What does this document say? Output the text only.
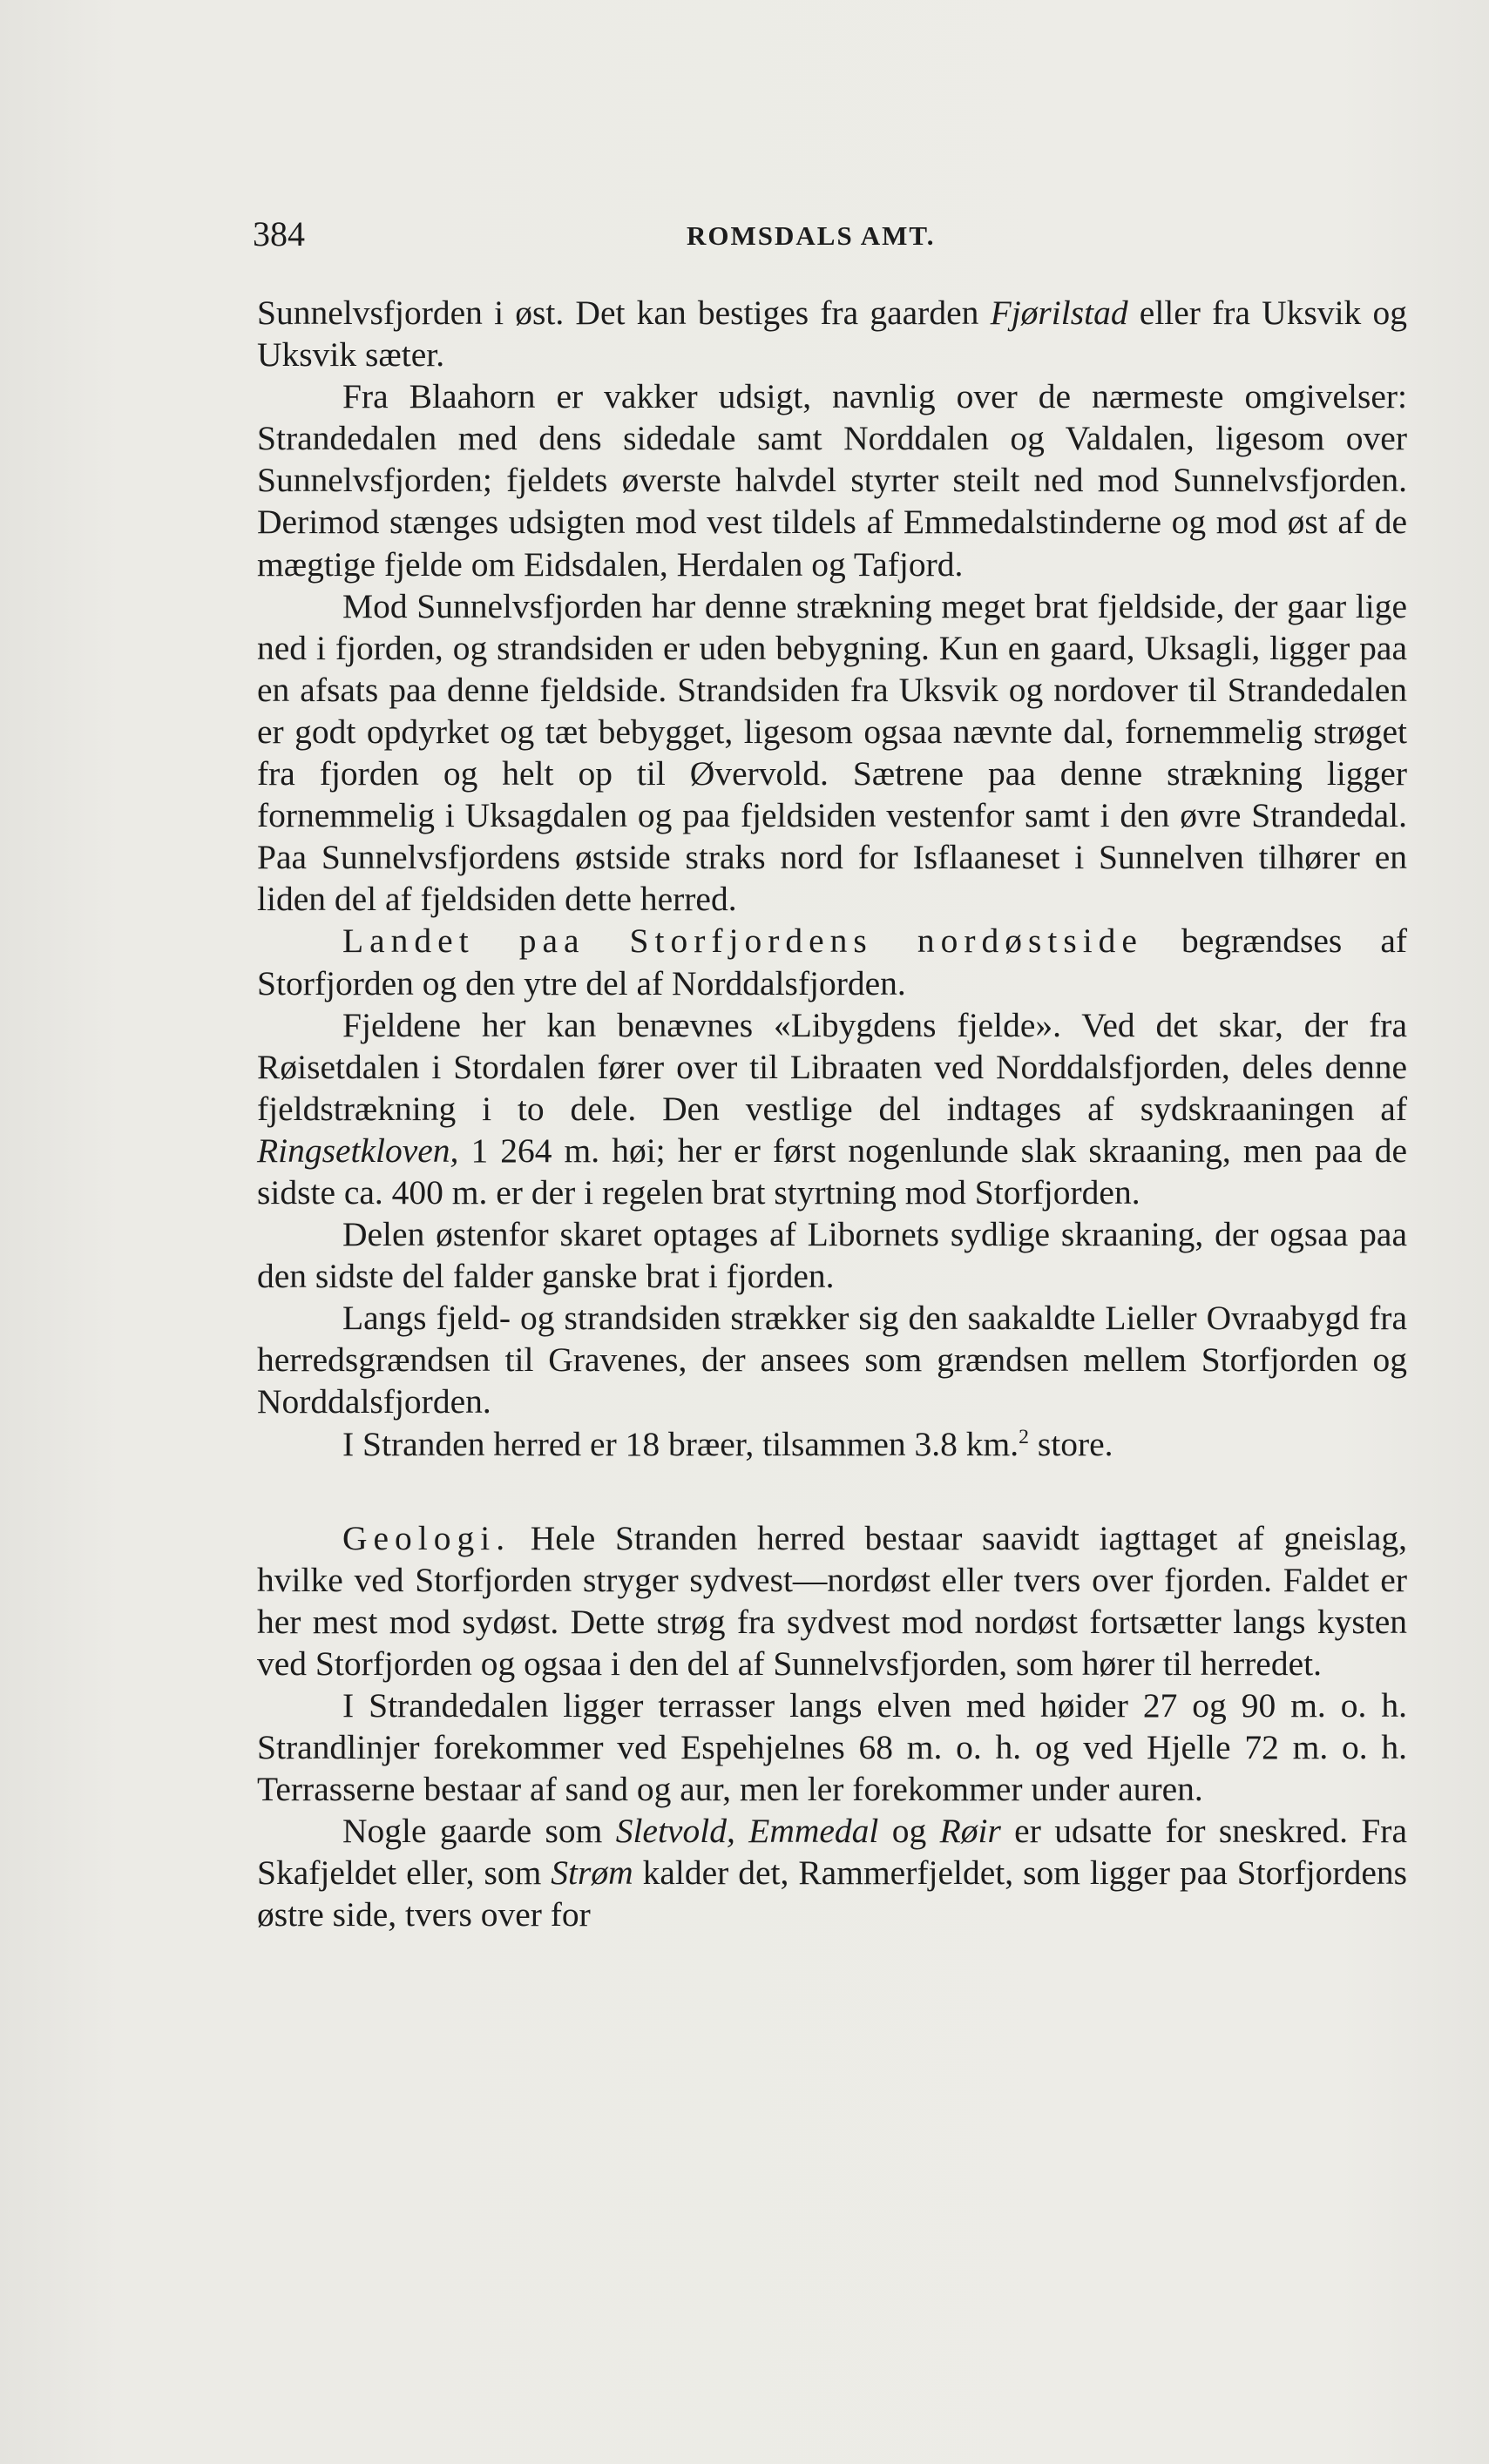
384	ROMSDALS AMT.

Sunnelvsfjorden i øst. Det kan bestiges fra gaarden Fjørilstad eller fra Uksvik og Uksvik sæter.

Fra Blaahorn er vakker udsigt, navnlig over de nærmeste omgivelser: Strandedalen med dens sidedale samt Norddalen og Valdalen, ligesom over Sunnelvsfjorden; fjeldets øverste halvdel styrter steilt ned mod Sunnelvsfjorden. Derimod stænges udsigten mod vest tildels af Emmedalstinderne og mod øst af de mægtige fjelde om Eidsdalen, Herdalen og Tafjord.

Mod Sunnelvsfjorden har denne strækning meget brat fjeldside, der gaar lige ned i fjorden, og strandsiden er uden bebygning. Kun en gaard, Uksagli, ligger paa en afsats paa denne fjeldside. Strandsiden fra Uksvik og nordover til Strandedalen er godt opdyrket og tæt bebygget, ligesom ogsaa nævnte dal, fornemmelig strøget fra fjorden og helt op til Øvervold. Sætrene paa denne strækning ligger fornemmelig i Uksagdalen og paa fjeldsiden vestenfor samt i den øvre Strandedal. Paa Sunnelvsfjordens østside straks nord for Isflaaneset i Sunnelven tilhører en liden del af fjeldsiden dette herred.

Landet paa Storfjordens nordøstside begrændses af Storfjorden og den ytre del af Norddalsfjorden.

Fjeldene her kan benævnes «Libygdens fjelde». Ved det skar, der fra Røisetdalen i Stordalen fører over til Libraaten ved Norddalsfjorden, deles denne fjeldstrækning i to dele. Den vestlige del indtages af sydskraaningen af Ringsetkloven, 1 264 m. høi; her er først nogenlunde slak skraaning, men paa de sidste ca. 400 m. er der i regelen brat styrtning mod Storfjorden.

Delen østenfor skaret optages af Libornets sydlige skraaning, der ogsaa paa den sidste del falder ganske brat i fjorden.

Langs fjeld- og strandsiden strækker sig den saakaldte Lieller Ovraabygd fra herredsgrændsen til Gravenes, der ansees som grændsen mellem Storfjorden og Norddalsfjorden.

I Stranden herred er 18 bræer, tilsammen 3.8 km.$^2$ store.

Geologi. Hele Stranden herred bestaar saavidt iagttaget af gneislag, hvilke ved Storfjorden stryger sydvest—nordøst eller tvers over fjorden. Faldet er her mest mod sydøst. Dette strøg fra sydvest mod nordøst fortsætter langs kysten ved Storfjorden og ogsaa i den del af Sunnelvsfjorden, som hører til herredet.

I Strandedalen ligger terrasser langs elven med høider 27 og 90 m. o. h. Strandlinjer forekommer ved Espehjelnes 68 m. o. h. og ved Hjelle 72 m. o. h. Terrasserne bestaar af sand og aur, men ler forekommer under auren.

Nogle gaarde som Sletvold, Emmedal og Røir er udsatte for sneskred. Fra Skafjeldet eller, som Strøm kalder det, Rammerfjeldet, som ligger paa Storfjordens østre side, tvers over for
